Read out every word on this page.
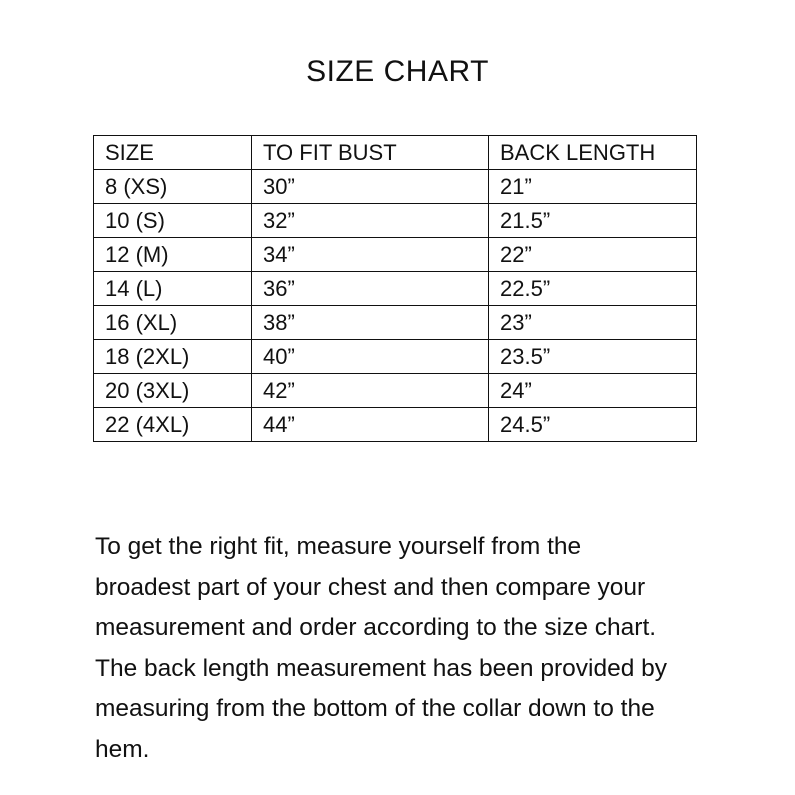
SIZE CHART
SIZE	TO FIT BUST	BACK LENGTH
8 (XS)	30”	21”
10 (S)	32”	21.5”
12 (M)	34”	22”
14 (L)	36”	22.5”
16 (XL)	38”	23”
18 (2XL)	40”	23.5”
20 (3XL)	42”	24”
22 (4XL)	44”	24.5”

To get the right fit, measure yourself from the
broadest part of your chest and then compare your
measurement and order according to the size chart.
The back length measurement has been provided by
measuring from the bottom of the collar down to the
hem.
